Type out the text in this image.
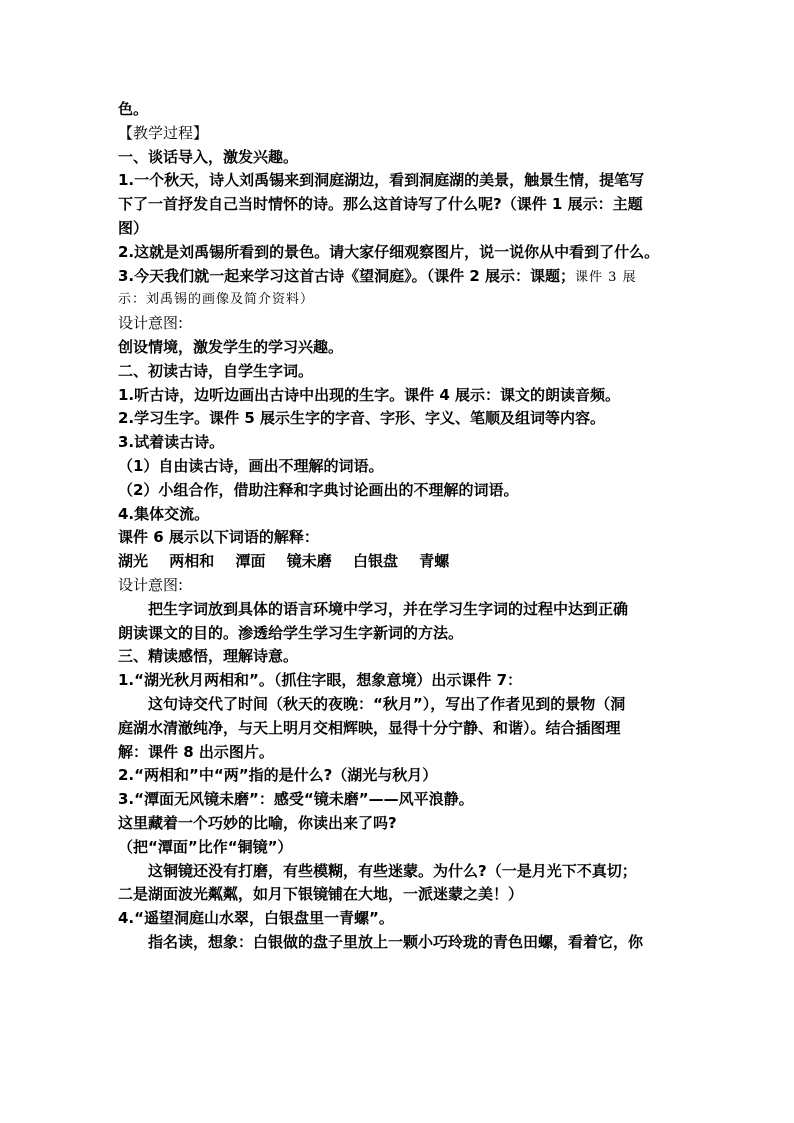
色。
【教学过程】
一、谈话导入，激发兴趣。
1.一个秋天，诗人刘禹锡来到洞庭湖边，看到洞庭湖的美景，触景生情，提笔写
下了一首抒发自己当时情怀的诗。那么这首诗写了什么呢?（课件 1 展示：主题
图）
2.这就是刘禹锡所看到的景色。请大家仔细观察图片，说一说你从中看到了什么。
3.今天我们就一起来学习这首古诗《望洞庭》。（课件 2 展示：课题；课件 3 展
示：刘禹锡的画像及简介资料）
设计意图:
创设情境，激发学生的学习兴趣。
二、初读古诗，自学生字词。
1.听古诗，边听边画出古诗中出现的生字。课件 4 展示：课文的朗读音频。
2.学习生字。课件 5 展示生字的字音、字形、字义、笔顺及组词等内容。
3.试着读古诗。
（1）自由读古诗，画出不理解的词语。
（2）小组合作，借助注释和字典讨论画出的不理解的词语。
4.集体交流。
课件 6 展示以下词语的解释：
湖光 两相和 潭面 镜未磨 白银盘 青螺
设计意图:
把生字词放到具体的语言环境中学习，并在学习生字词的过程中达到正确
朗读课文的目的。渗透给学生学习生字新词的方法。
三、精读感悟，理解诗意。
1.“湖光秋月两相和”。（抓住字眼，想象意境）出示课件 7：
这句诗交代了时间（秋天的夜晚：“秋月”），写出了作者见到的景物（洞
庭湖水清澈纯净，与天上明月交相辉映，显得十分宁静、和谐）。结合插图理
解：课件 8 出示图片。
2.“两相和”中“两”指的是什么?（湖光与秋月）
3.“潭面无风镜未磨”：感受“镜未磨”——风平浪静。
这里藏着一个巧妙的比喻，你读出来了吗?
（把“潭面”比作“铜镜”）
这铜镜还没有打磨，有些模糊，有些迷蒙。为什么?（一是月光下不真切；
二是湖面波光粼粼，如月下银镜铺在大地，一派迷蒙之美！）
4.“遥望洞庭山水翠，白银盘里一青螺”。
指名读，想象：白银做的盘子里放上一颗小巧玲珑的青色田螺，看着它，你
